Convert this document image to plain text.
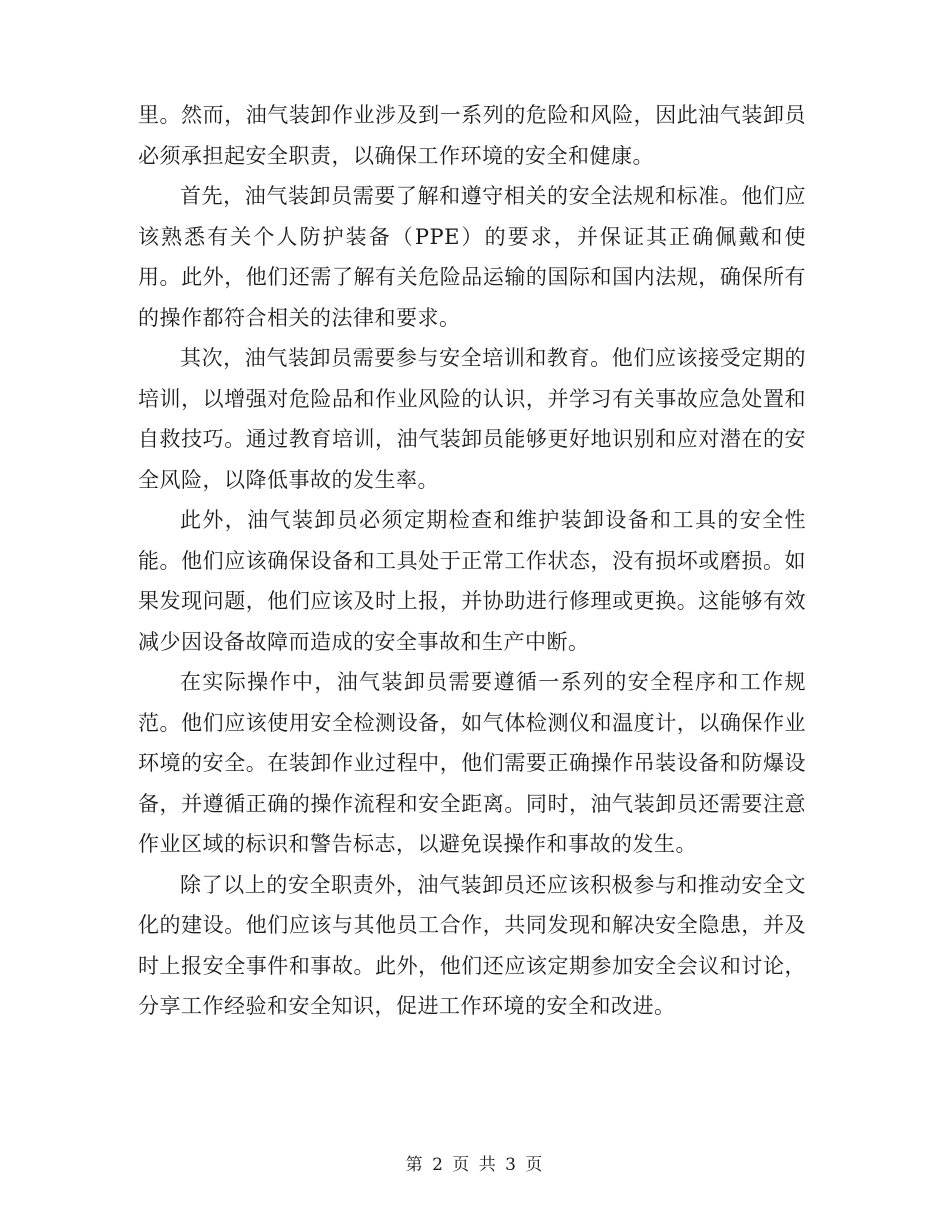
里。然而，油气装卸作业涉及到一系列的危险和风险，因此油气装卸员必须承担起安全职责，以确保工作环境的安全和健康。

首先，油气装卸员需要了解和遵守相关的安全法规和标准。他们应该熟悉有关个人防护装备（PPE）的要求，并保证其正确佩戴和使用。此外，他们还需了解有关危险品运输的国际和国内法规，确保所有的操作都符合相关的法律和要求。

其次，油气装卸员需要参与安全培训和教育。他们应该接受定期的培训，以增强对危险品和作业风险的认识，并学习有关事故应急处置和自救技巧。通过教育培训，油气装卸员能够更好地识别和应对潜在的安全风险，以降低事故的发生率。

此外，油气装卸员必须定期检查和维护装卸设备和工具的安全性能。他们应该确保设备和工具处于正常工作状态，没有损坏或磨损。如果发现问题，他们应该及时上报，并协助进行修理或更换。这能够有效减少因设备故障而造成的安全事故和生产中断。

在实际操作中，油气装卸员需要遵循一系列的安全程序和工作规范。他们应该使用安全检测设备，如气体检测仪和温度计，以确保作业环境的安全。在装卸作业过程中，他们需要正确操作吊装设备和防爆设备，并遵循正确的操作流程和安全距离。同时，油气装卸员还需要注意作业区域的标识和警告标志，以避免误操作和事故的发生。

除了以上的安全职责外，油气装卸员还应该积极参与和推动安全文化的建设。他们应该与其他员工合作，共同发现和解决安全隐患，并及时上报安全事件和事故。此外，他们还应该定期参加安全会议和讨论，分享工作经验和安全知识，促进工作环境的安全和改进。

第 2 页 共 3 页
